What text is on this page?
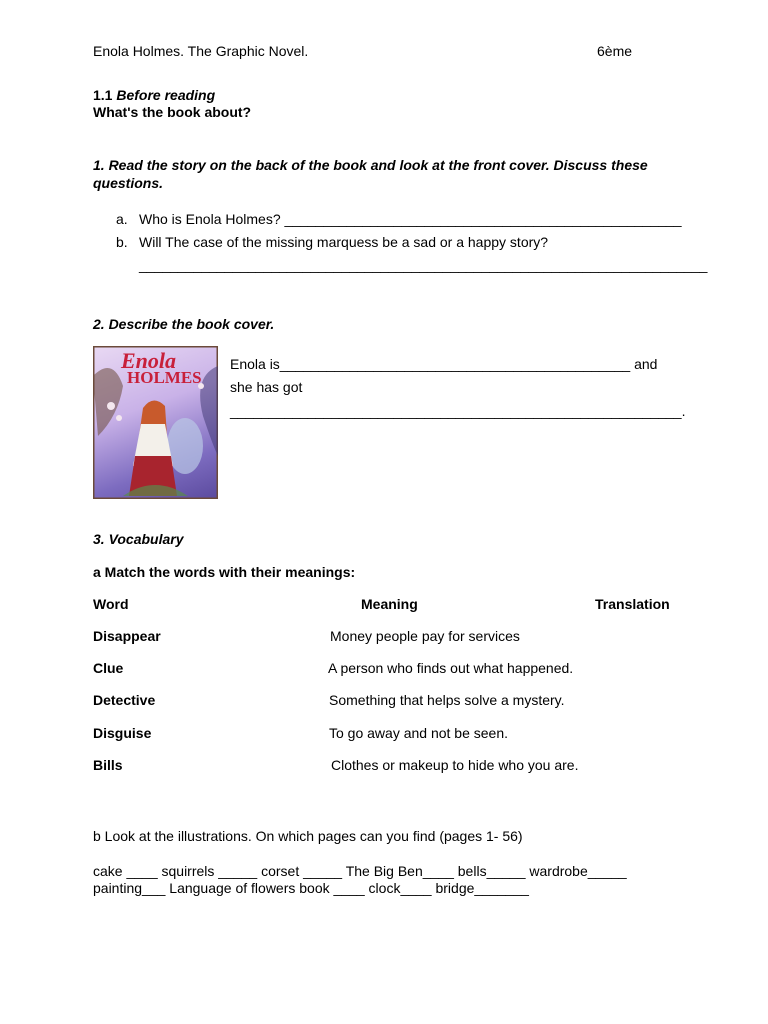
Enola Holmes. The Graphic Novel.	6ème
1.1 Before reading
What's the book about?
1. Read the story on the back of the book and look at the front cover. Discuss these
questions.
a. Who is Enola Holmes? ___________________________________________________
b. Will The case of the missing marquess be a sad or a happy story?
_________________________________________________________________________
2. Describe the book cover.

Enola
HOLMES
Enola is_____________________________________________ and
she has got
__________________________________________________________.
3. Vocabulary
a Match the words with their meanings:
Word	Meaning	Translation
Disappear	Money people pay for services
Clue	A person who finds out what happened.
Detective	Something that helps solve a mystery.
Disguise	To go away and not be seen.
Bills	Clothes or makeup to hide who you are.
b Look at the illustrations. On which pages can you find (pages 1- 56)
cake ____ squirrels _____ corset _____ The Big Ben____ bells_____ wardrobe_____
painting___ Language of flowers book ____ clock____ bridge_______
